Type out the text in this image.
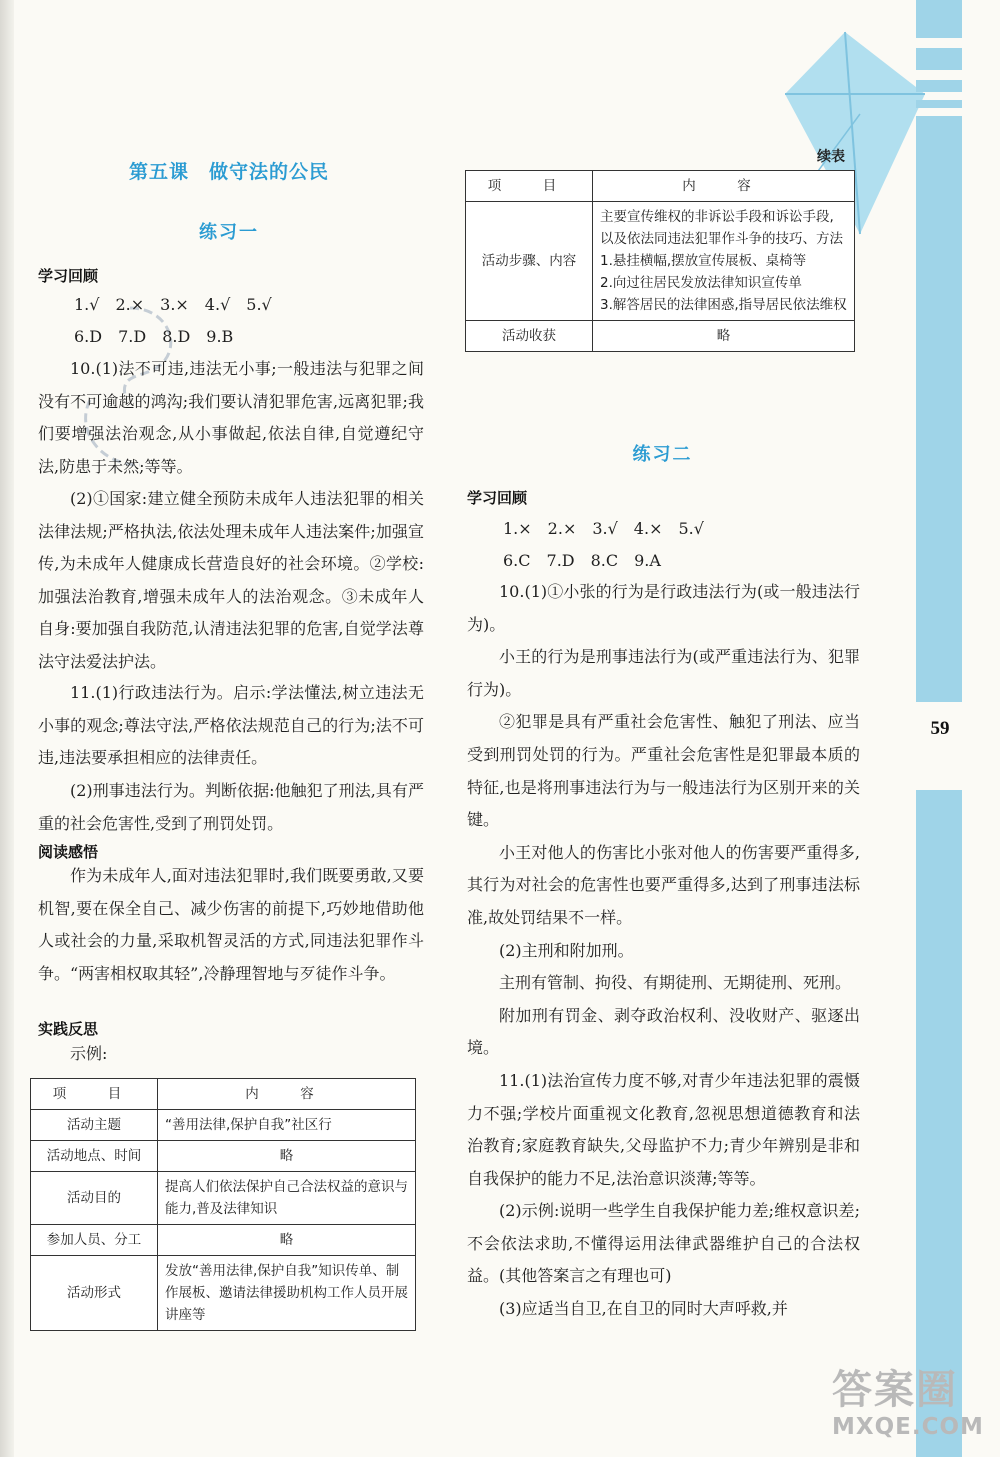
59
第五课　做守法的公民
练习一
学习回顾
1.√　2.×　3.×　4.√　5.√
6.D　7.D　8.D　9.B
10.(1)法不可违,违法无小事;一般违法与犯罪之间没有不可逾越的鸿沟;我们要认清犯罪危害,远离犯罪;我们要增强法治观念,从小事做起,依法自律,自觉遵纪守法,防患于未然;等等。
(2)①国家:建立健全预防未成年人违法犯罪的相关法律法规;严格执法,依法处理未成年人违法案件;加强宣传,为未成年人健康成长营造良好的社会环境。②学校:加强法治教育,增强未成年人的法治观念。③未成年人自身:要加强自我防范,认清违法犯罪的危害,自觉学法尊法守法爱法护法。
11.(1)行政违法行为。启示:学法懂法,树立违法无小事的观念;尊法守法,严格依法规范自己的行为;法不可违,违法要承担相应的法律责任。
(2)刑事违法行为。判断依据:他触犯了刑法,具有严重的社会危害性,受到了刑罚处罚。
阅读感悟
作为未成年人,面对违法犯罪时,我们既要勇敢,又要机智,要在保全自己、减少伤害的前提下,巧妙地借助他人或社会的力量,采取机智灵活的方式,同违法犯罪作斗争。“两害相权取其轻”,冷静理智地与歹徒作斗争。
实践反思
示例:
项　目	内　容
活动主题	“善用法律,保护自我”社区行
活动地点、时间	略
活动目的	提高人们依法保护自己合法权益的意识与能力,普及法律知识
参加人员、分工	略
活动形式	发放“善用法律,保护自我”知识传单、制作展板、邀请法律援助机构工作人员开展讲座等
续表
项　目	内　容
活动步骤、内容	主要宣传维权的非诉讼手段和诉讼手段,以及依法同违法犯罪作斗争的技巧、方法
1.悬挂横幅,摆放宣传展板、桌椅等
2.向过往居民发放法律知识宣传单
3.解答居民的法律困惑,指导居民依法维权
活动收获	略
练习二
学习回顾
1.×　2.×　3.√　4.×　5.√
6.C　7.D　8.C　9.A
10.(1)①小张的行为是行政违法行为(或一般违法行为)。
小王的行为是刑事违法行为(或严重违法行为、犯罪行为)。
②犯罪是具有严重社会危害性、触犯了刑法、应当受到刑罚处罚的行为。严重社会危害性是犯罪最本质的特征,也是将刑事违法行为与一般违法行为区别开来的关键。
小王对他人的伤害比小张对他人的伤害要严重得多,其行为对社会的危害性也要严重得多,达到了刑事违法标准,故处罚结果不一样。
(2)主刑和附加刑。
主刑有管制、拘役、有期徒刑、无期徒刑、死刑。
附加刑有罚金、剥夺政治权利、没收财产、驱逐出境。
11.(1)法治宣传力度不够,对青少年违法犯罪的震慑力不强;学校片面重视文化教育,忽视思想道德教育和法治教育;家庭教育缺失,父母监护不力;青少年辨别是非和自我保护的能力不足,法治意识淡薄;等等。
(2)示例:说明一些学生自我保护能力差;维权意识差;不会依法求助,不懂得运用法律武器维护自己的合法权益。(其他答案言之有理也可)
(3)应适当自卫,在自卫的同时大声呼救,并
答案圈
MXQE.COM
